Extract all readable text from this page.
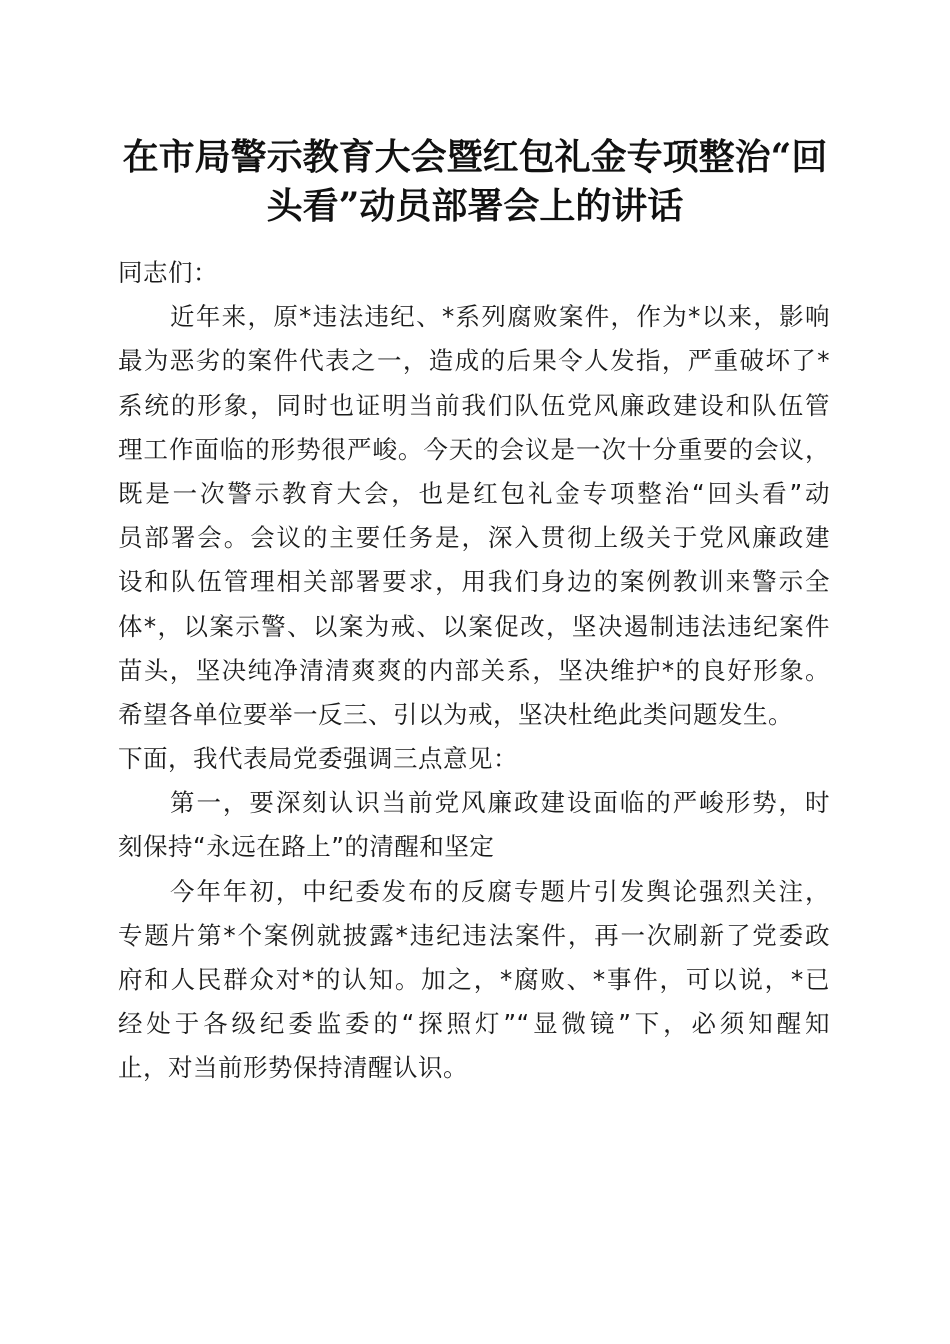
在市局警示教育大会暨红包礼金专项整治“回
头看”动员部署会上的讲话
同志们：
近年来，原*违法违纪、*系列腐败案件，作为*以来，影响
最为恶劣的案件代表之一，造成的后果令人发指，严重破坏了*
系统的形象，同时也证明当前我们队伍党风廉政建设和队伍管
理工作面临的形势很严峻。今天的会议是一次十分重要的会议，
既是一次警示教育大会，也是红包礼金专项整治“回头看”动
员部署会。会议的主要任务是，深入贯彻上级关于党风廉政建
设和队伍管理相关部署要求，用我们身边的案例教训来警示全
体*，以案示警、以案为戒、以案促改，坚决遏制违法违纪案件
苗头，坚决纯净清清爽爽的内部关系，坚决维护*的良好形象。
希望各单位要举一反三、引以为戒，坚决杜绝此类问题发生。
下面，我代表局党委强调三点意见：
第一，要深刻认识当前党风廉政建设面临的严峻形势，时
刻保持“永远在路上”的清醒和坚定
今年年初，中纪委发布的反腐专题片引发舆论强烈关注，
专题片第*个案例就披露*违纪违法案件，再一次刷新了党委政
府和人民群众对*的认知。加之，*腐败、*事件，可以说，*已
经处于各级纪委监委的“探照灯”“显微镜”下，必须知醒知
止，对当前形势保持清醒认识。
